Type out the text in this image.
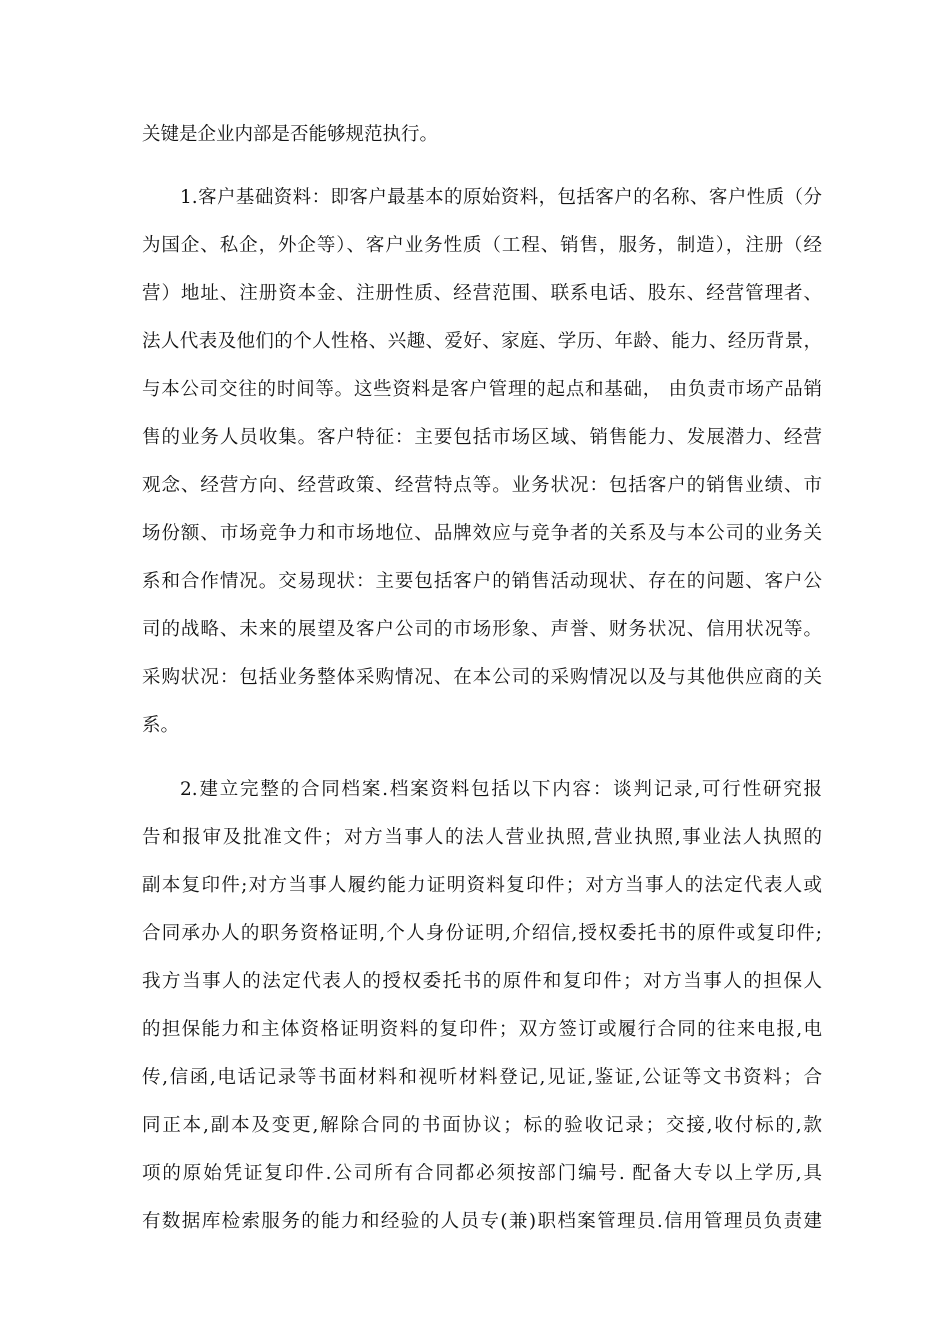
关键是企业内部是否能够规范执行。
1.客户基础资料：即客户最基本的原始资料，包括客户的名称、客户性质（分
为国企、私企，外企等）、客户业务性质（工程、销售，服务，制造），注册（经
营）地址、注册资本金、注册性质、经营范围、联系电话、股东、经营管理者、
法人代表及他们的个人性格、兴趣、爱好、家庭、学历、年龄、能力、经历背景，
与本公司交往的时间等。这些资料是客户管理的起点和基础， 由负责市场产品销
售的业务人员收集。客户特征：主要包括市场区域、销售能力、发展潜力、经营
观念、经营方向、经营政策、经营特点等。业务状况：包括客户的销售业绩、市
场份额、市场竞争力和市场地位、品牌效应与竞争者的关系及与本公司的业务关
系和合作情况。交易现状：主要包括客户的销售活动现状、存在的问题、客户公
司的战略、未来的展望及客户公司的市场形象、声誉、财务状况、信用状况等。
采购状况：包括业务整体采购情况、在本公司的采购情况以及与其他供应商的关
系。
2.建立完整的合同档案.档案资料包括以下内容：谈判记录,可行性研究报
告和报审及批准文件；对方当事人的法人营业执照,营业执照,事业法人执照的
副本复印件;对方当事人履约能力证明资料复印件；对方当事人的法定代表人或
合同承办人的职务资格证明,个人身份证明,介绍信,授权委托书的原件或复印件;
我方当事人的法定代表人的授权委托书的原件和复印件；对方当事人的担保人
的担保能力和主体资格证明资料的复印件；双方签订或履行合同的往来电报,电
传,信函,电话记录等书面材料和视听材料登记,见证,鉴证,公证等文书资料；合
同正本,副本及变更,解除合同的书面协议；标的验收记录；交接,收付标的,款
项的原始凭证复印件.公司所有合同都必须按部门编号. 配备大专以上学历,具
有数据库检索服务的能力和经验的人员专(兼)职档案管理员.信用管理员负责建
